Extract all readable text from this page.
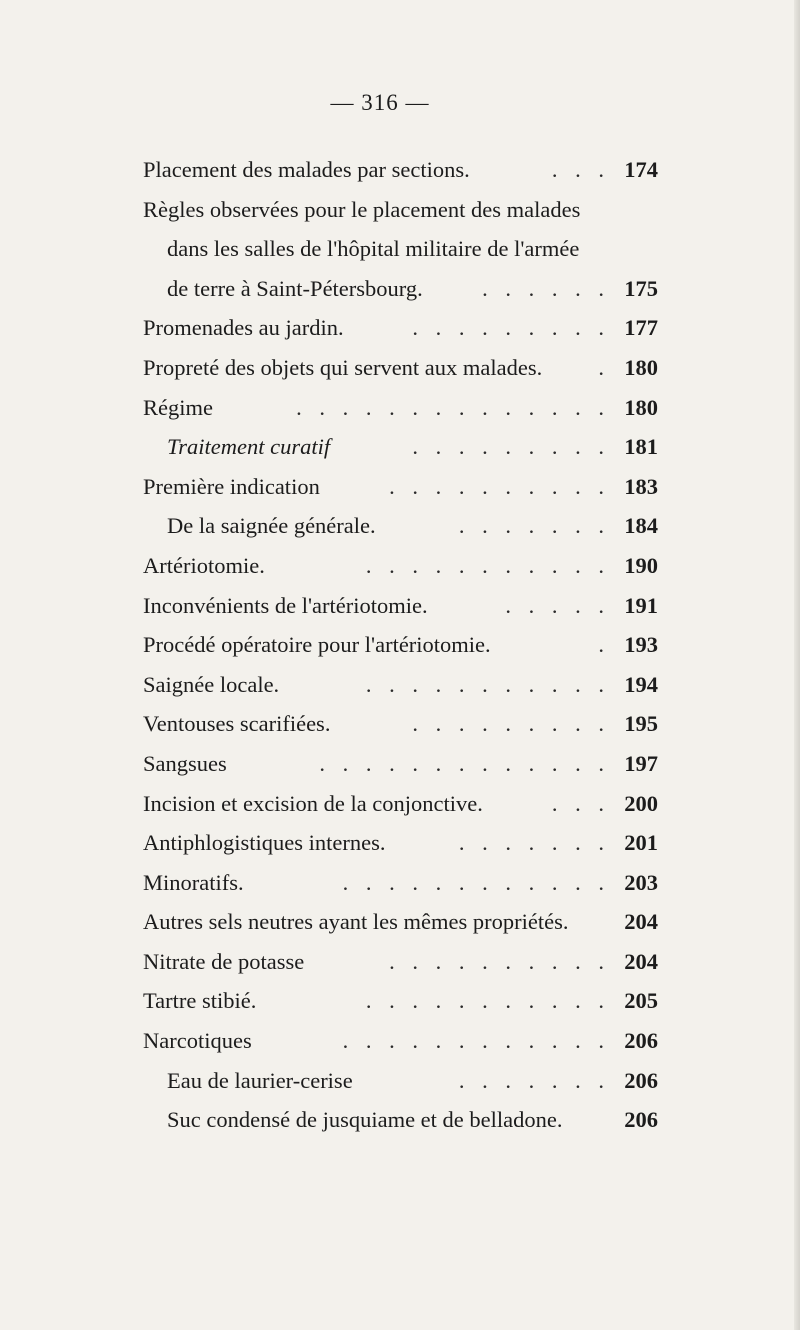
— 316 —
Placement des malades par sections.	. . . 174
Règles observées pour le placement des malades
dans les salles de l'hôpital militaire de l'armée
. . . . . .
de terre à Saint-Pétersbourg.	175
. . . . . . . . .
Promenades au jardin.	177
.
Propreté des objets qui servent aux malades.	180
. . . . . . . . . . . . . .
Régime	180
. . . . . . . . .
Traitement curatif	181
. . . . . . . . . .
Première indication	183
. . . . . . .
De la saignée générale.	184
. . . . . . . . . . .
Artériotomie.	190
. . . . .
Inconvénients de l'artériotomie.	191
.
Procédé opératoire pour l'artériotomie.	193
. . . . . . . . . . .
Saignée locale.	194
. . . . . . . . .
Ventouses scarifiées.	195
. . . . . . . . . . . . .
Sangsues	197
. . .
Incision et excision de la conjonctive.	200
. . . . . . .
Antiphlogistiques internes.	201
. . . . . . . . . . . .
Minoratifs.	203
Autres sels neutres ayant les mêmes propriétés.	204
. . . . . . . . . .
Nitrate de potasse	204
. . . . . . . . . . .
Tartre stibié.	205
. . . . . . . . . . . .
Narcotiques	206
. . . . . . .
Eau de laurier-cerise	206
Suc condensé de jusquiame et de belladone.	206
